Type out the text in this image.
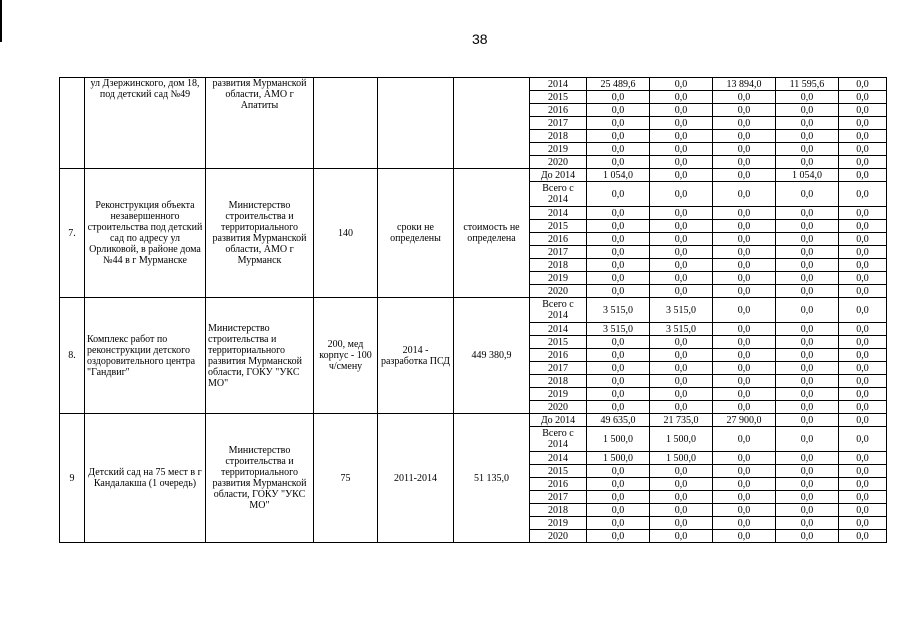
38
	ул Дзержинского, дом 18, под детский сад №49	развития Мурманской области, АМО г Апатиты				2014	25 489,6	0,0	13 894,0	11 595,6	0,0
						2015	0,0	0,0	0,0	0,0	0,0
						2016	0,0	0,0	0,0	0,0	0,0
						2017	0,0	0,0	0,0	0,0	0,0
						2018	0,0	0,0	0,0	0,0	0,0
						2019	0,0	0,0	0,0	0,0	0,0
						2020	0,0	0,0	0,0	0,0	0,0
7.	Реконструкция объекта незавершенного строительства под детский сад по адресу ул Орликовой, в районе дома №44 в г Мурманске	Министерство строительства и территориального развития Мурманской области, АМО г Мурманск	140	сроки не определены	стоимость не определена	До 2014	1 054,0	0,0	0,0	1 054,0	0,0
						Всего с 2014	0,0	0,0	0,0	0,0	0,0
						2014	0,0	0,0	0,0	0,0	0,0
						2015	0,0	0,0	0,0	0,0	0,0
						2016	0,0	0,0	0,0	0,0	0,0
						2017	0,0	0,0	0,0	0,0	0,0
						2018	0,0	0,0	0,0	0,0	0,0
						2019	0,0	0,0	0,0	0,0	0,0
						2020	0,0	0,0	0,0	0,0	0,0
8.	Комплекс работ по реконструкции детского оздоровительного центра "Гандвиг"	Министерство строительства и территориального развития Мурманской области, ГОКУ "УКС МО"	200, мед корпус - 100 ч/смену	2014 - разработка ПСД	449 380,9	Всего с 2014	3 515,0	3 515,0	0,0	0,0	0,0
						2014	3 515,0	3 515,0	0,0	0,0	0,0
						2015	0,0	0,0	0,0	0,0	0,0
						2016	0,0	0,0	0,0	0,0	0,0
						2017	0,0	0,0	0,0	0,0	0,0
						2018	0,0	0,0	0,0	0,0	0,0
						2019	0,0	0,0	0,0	0,0	0,0
						2020	0,0	0,0	0,0	0,0	0,0
9	Детский сад на 75 мест в г Кандалакша (1 очередь)	Министерство строительства и территориального развития Мурманской области, ГОКУ "УКС МО"	75	2011-2014	51 135,0	До 2014	49 635,0	21 735,0	27 900,0	0,0	0,0
						Всего с 2014	1 500,0	1 500,0	0,0	0,0	0,0
						2014	1 500,0	1 500,0	0,0	0,0	0,0
						2015	0,0	0,0	0,0	0,0	0,0
						2016	0,0	0,0	0,0	0,0	0,0
						2017	0,0	0,0	0,0	0,0	0,0
						2018	0,0	0,0	0,0	0,0	0,0
						2019	0,0	0,0	0,0	0,0	0,0
						2020	0,0	0,0	0,0	0,0	0,0
